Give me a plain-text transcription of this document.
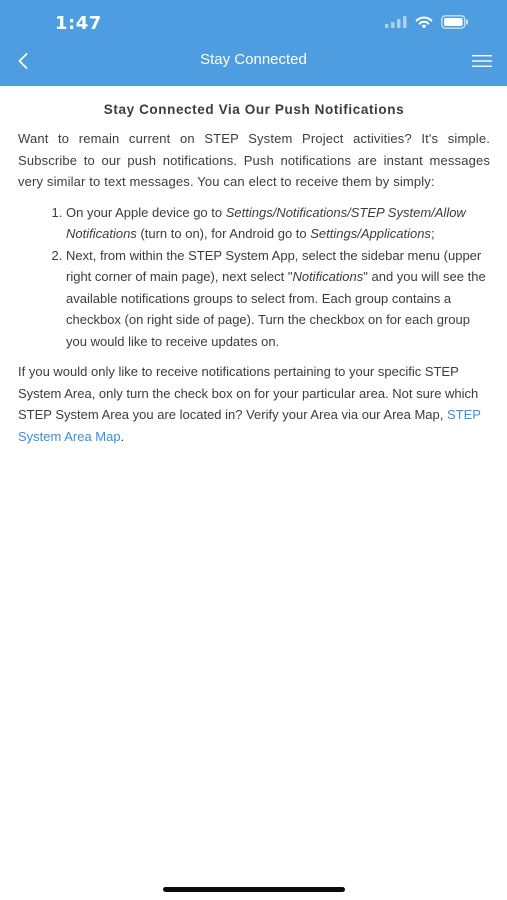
1:47
Stay Connected
Stay Connected Via Our Push Notifications

Want to remain current on STEP System Project activities? It's simple. Subscribe to our push notifications. Push notifications are instant messages very similar to text messages. You can elect to receive them by simply:

1. On your Apple device go to Settings/Notifications/STEP System/Allow Notifications (turn to on), for Android go to Settings/Applications;
2. Next, from within the STEP System App, select the sidebar menu (upper right corner of main page), next select "Notifications" and you will see the available notifications groups to select from. Each group contains a checkbox (on right side of page). Turn the checkbox on for each group you would like to receive updates on.

If you would only like to receive notifications pertaining to your specific STEP System Area, only turn the check box on for your particular area. Not sure which STEP System Area you are located in? Verify your Area via our Area Map, STEP System Area Map.
